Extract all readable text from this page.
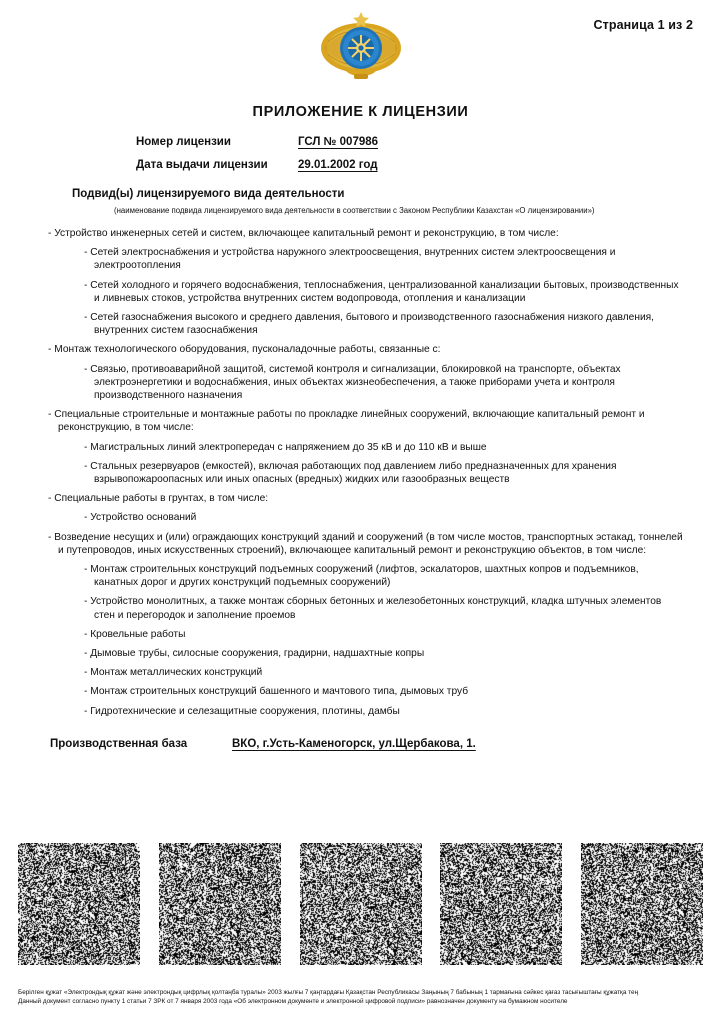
Страница 1 из 2
ПРИЛОЖЕНИЕ К ЛИЦЕНЗИИ
Номер лицензии	ГСЛ № 007986
Дата выдачи лицензии	29.01.2002 год
Подвид(ы) лицензируемого вида деятельности
(наименование подвида лицензируемого вида деятельности в соответствии с Законом Республики Казахстан «О лицензировании»)
- Устройство инженерных сетей и систем, включающее капитальный ремонт и реконструкцию, в том числе:
- Сетей электроснабжения и устройства наружного электроосвещения, внутренних систем электроосвещения и электроотопления
- Сетей холодного и горячего водоснабжения, теплоснабжения, централизованной канализации бытовых, производственных и ливневых стоков, устройства внутренних систем водопровода, отопления и канализации
- Сетей газоснабжения высокого и среднего давления, бытового и производственного газоснабжения низкого давления, внутренних систем газоснабжения
- Монтаж технологического оборудования, пусконаладочные работы, связанные с:
- Связью, противоаварийной защитой, системой контроля и сигнализации, блокировкой на транспорте, объектах электроэнергетики и водоснабжения, иных объектах жизнеобеспечения, а также приборами учета и контроля производственного назначения
- Специальные строительные и монтажные работы по прокладке линейных сооружений, включающие капитальный ремонт и реконструкцию, в том числе:
- Магистральных линий электропередач с напряжением до 35 кВ и до 110 кВ и выше
- Стальных резервуаров (емкостей), включая работающих под давлением либо предназначенных для хранения взрывопожароопасных или иных опасных (вредных) жидких или газообразных веществ
- Специальные работы в грунтах, в том числе:
- Устройство оснований
- Возведение несущих и (или) ограждающих конструкций зданий и сооружений (в том числе мостов, транспортных эстакад, тоннелей и путепроводов, иных искусственных строений), включающее капитальный ремонт и реконструкцию объектов, в том числе:
- Монтаж строительных конструкций подъемных сооружений (лифтов, эскалаторов, шахтных копров и подъемников, канатных дорог и других конструкций подъемных сооружений)
- Устройство монолитных, а также монтаж сборных бетонных и железобетонных конструкций, кладка штучных элементов стен и перегородок и заполнение проемов
- Кровельные работы
- Дымовые трубы, силосные сооружения, градирни, надшахтные копры
- Монтаж металлических конструкций
- Монтаж строительных конструкций башенного и мачтового типа, дымовых труб
- Гидротехнические и селезащитные сооружения, плотины, дамбы
Производственная база	ВКО, г.Усть-Каменогорск, ул.Щербакова, 1.
Берілген құжат «Электрондық құжат және электрондық цифрлық қолтаңба туралы» 2003 жылғы 7 қаңтардағы Қазақстан Республикасы Заңының 7 бабының 1 тармағына сәйкес қағаз тасығыштағы құжатқа тең
Данный документ согласно пункту 1 статьи 7 ЗРК от 7 января 2003 года «Об электронном документе и электронной цифровой подписи» равнозначен документу на бумажном носителе
